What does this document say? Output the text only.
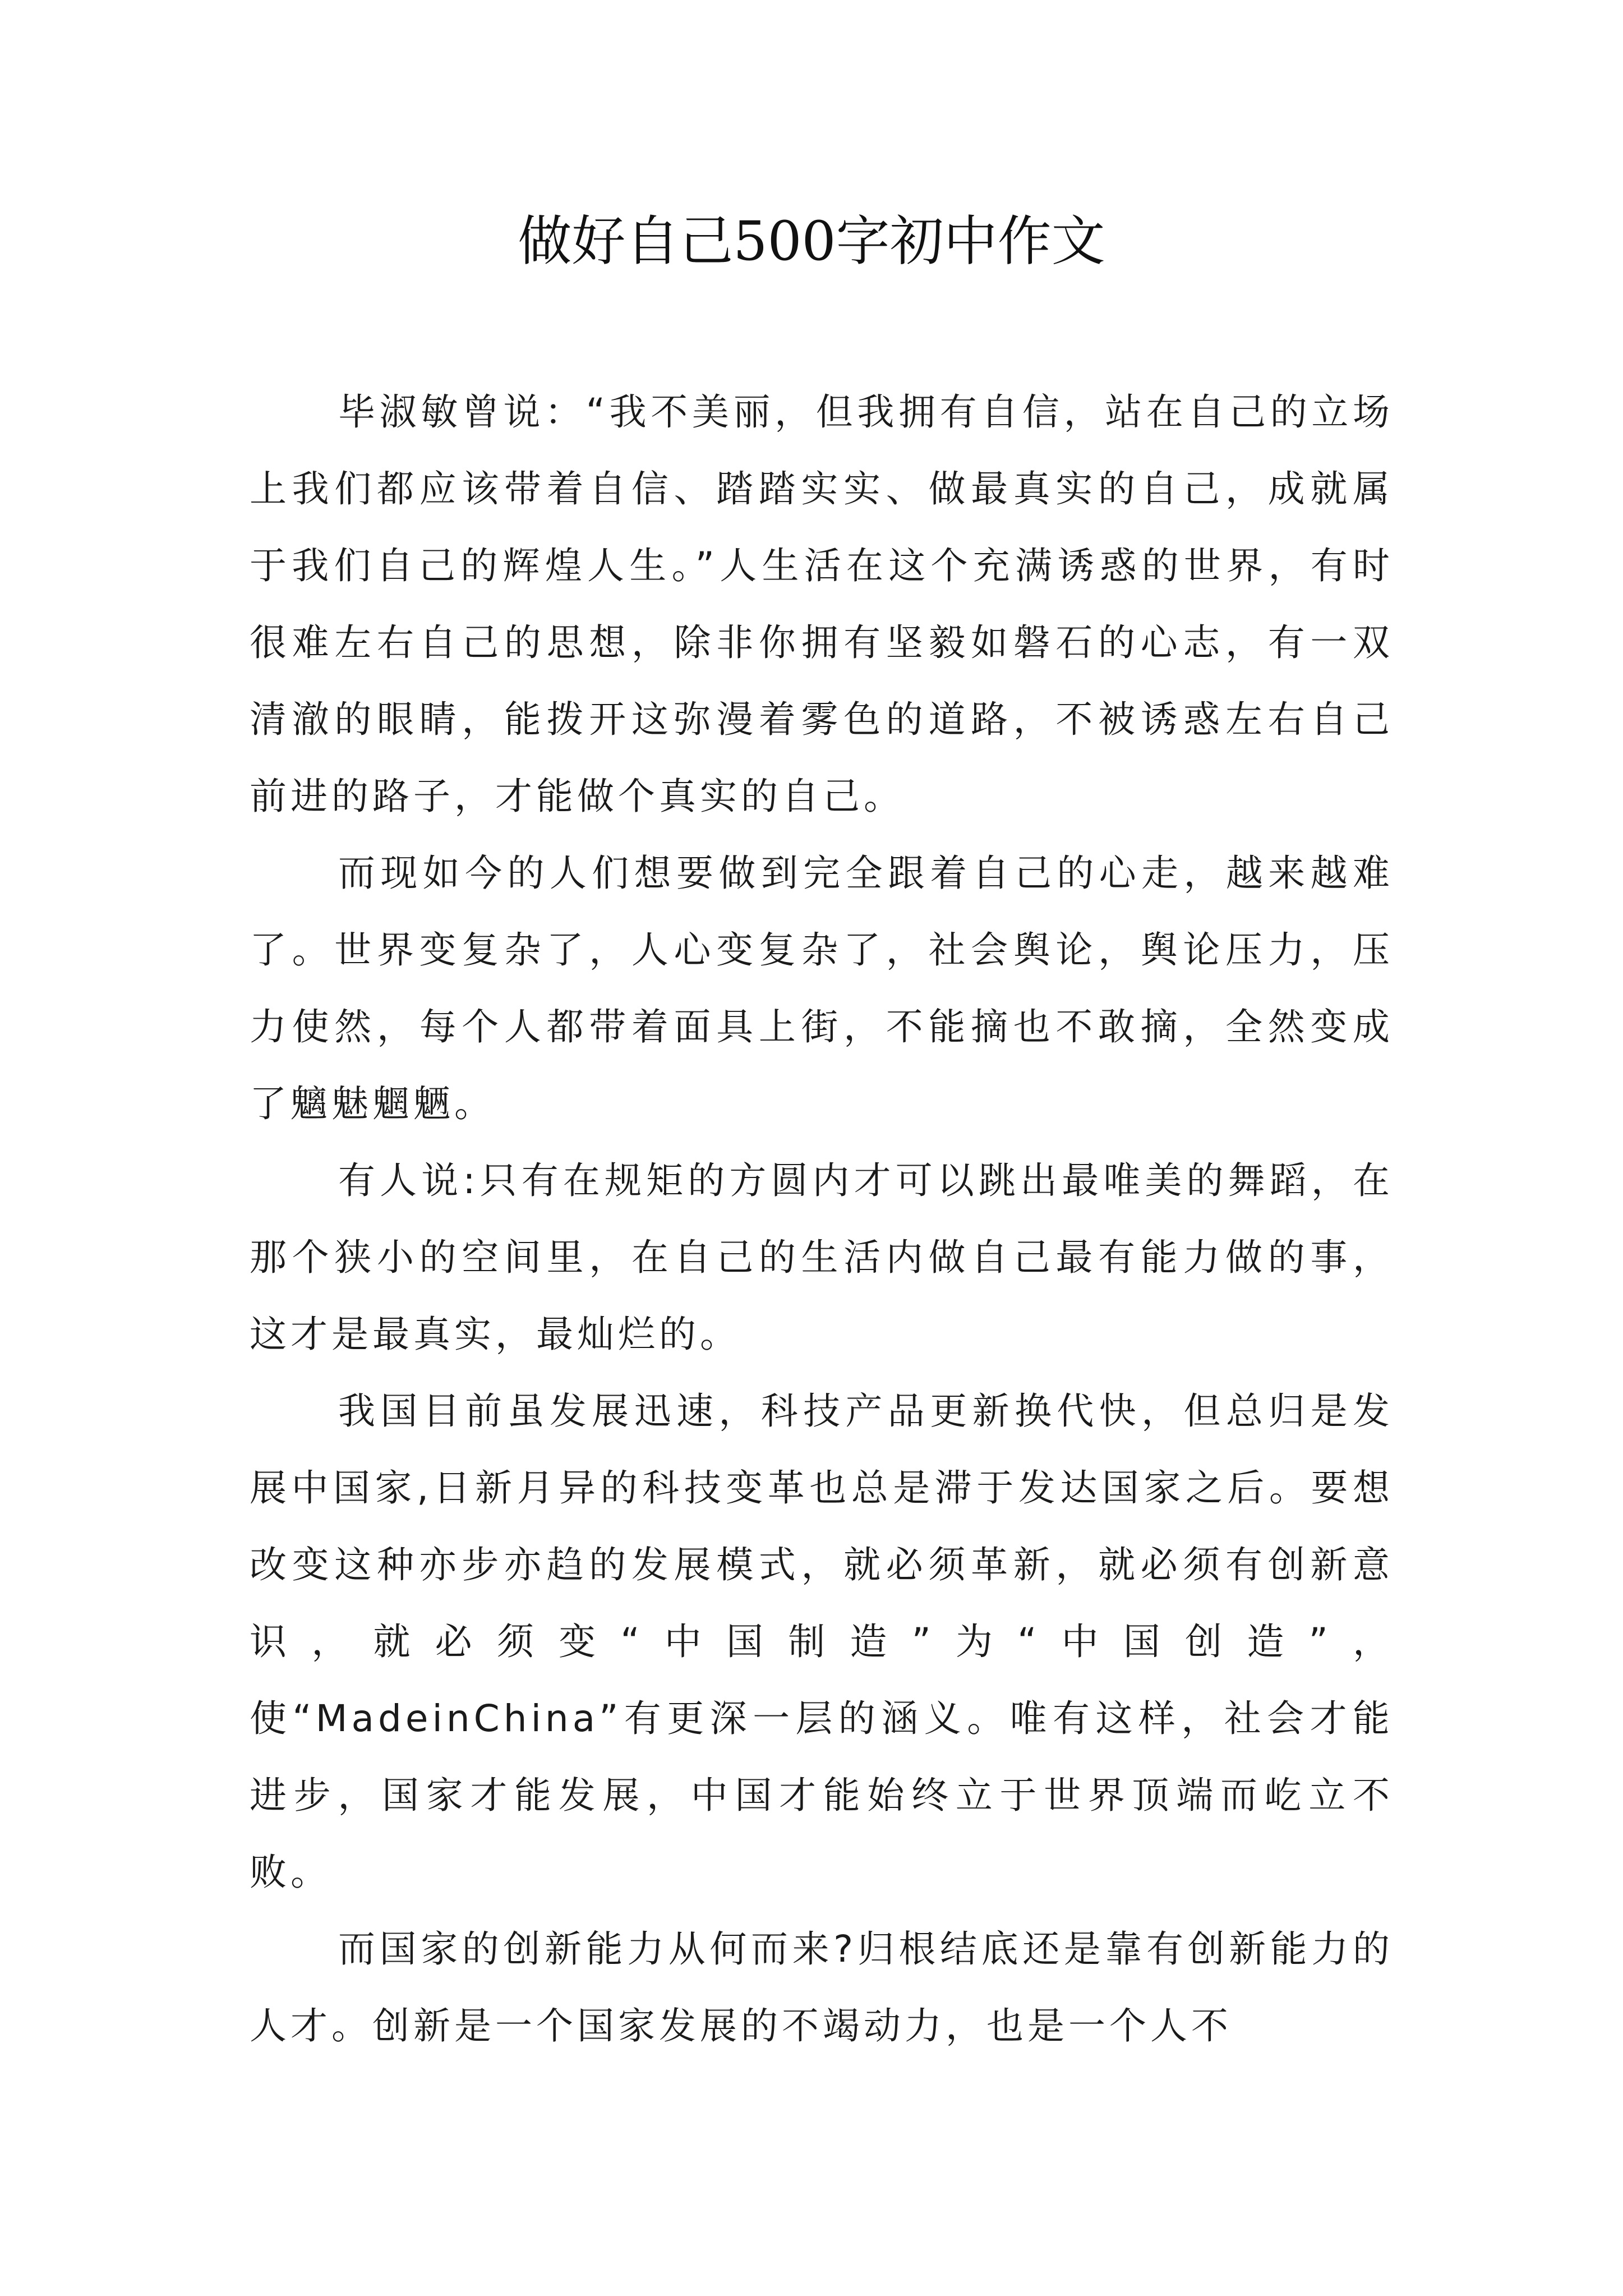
做好自己500字初中作文

毕淑敏曾说：“我不美丽，但我拥有自信，站在自己的立场上我们都应该带着自信、踏踏实实、做最真实的自己，成就属于我们自己的辉煌人生。”人生活在这个充满诱惑的世界，有时很难左右自己的思想，除非你拥有坚毅如磐石的心志，有一双清澈的眼睛，能拨开这弥漫着雾色的道路，不被诱惑左右自己前进的路子，才能做个真实的自己。

而现如今的人们想要做到完全跟着自己的心走，越来越难了。世界变复杂了，人心变复杂了，社会舆论，舆论压力，压力使然，每个人都带着面具上街，不能摘也不敢摘，全然变成了魑魅魍魉。

有人说:只有在规矩的方圆内才可以跳出最唯美的舞蹈，在那个狭小的空间里，在自己的生活内做自己最有能力做的事，这才是最真实，最灿烂的。

我国目前虽发展迅速，科技产品更新换代快，但总归是发展中国家,日新月异的科技变革也总是滞于发达国家之后。要想改变这种亦步亦趋的发展模式，就必须革新，就必须有创新意识，就必须变“中国制造”为“中国创造”，使“MadeinChina”有更深一层的涵义。唯有这样，社会才能进步，国家才能发展，中国才能始终立于世界顶端而屹立不败。

而国家的创新能力从何而来?归根结底还是靠有创新能力的人才。创新是一个国家发展的不竭动力，也是一个人不
